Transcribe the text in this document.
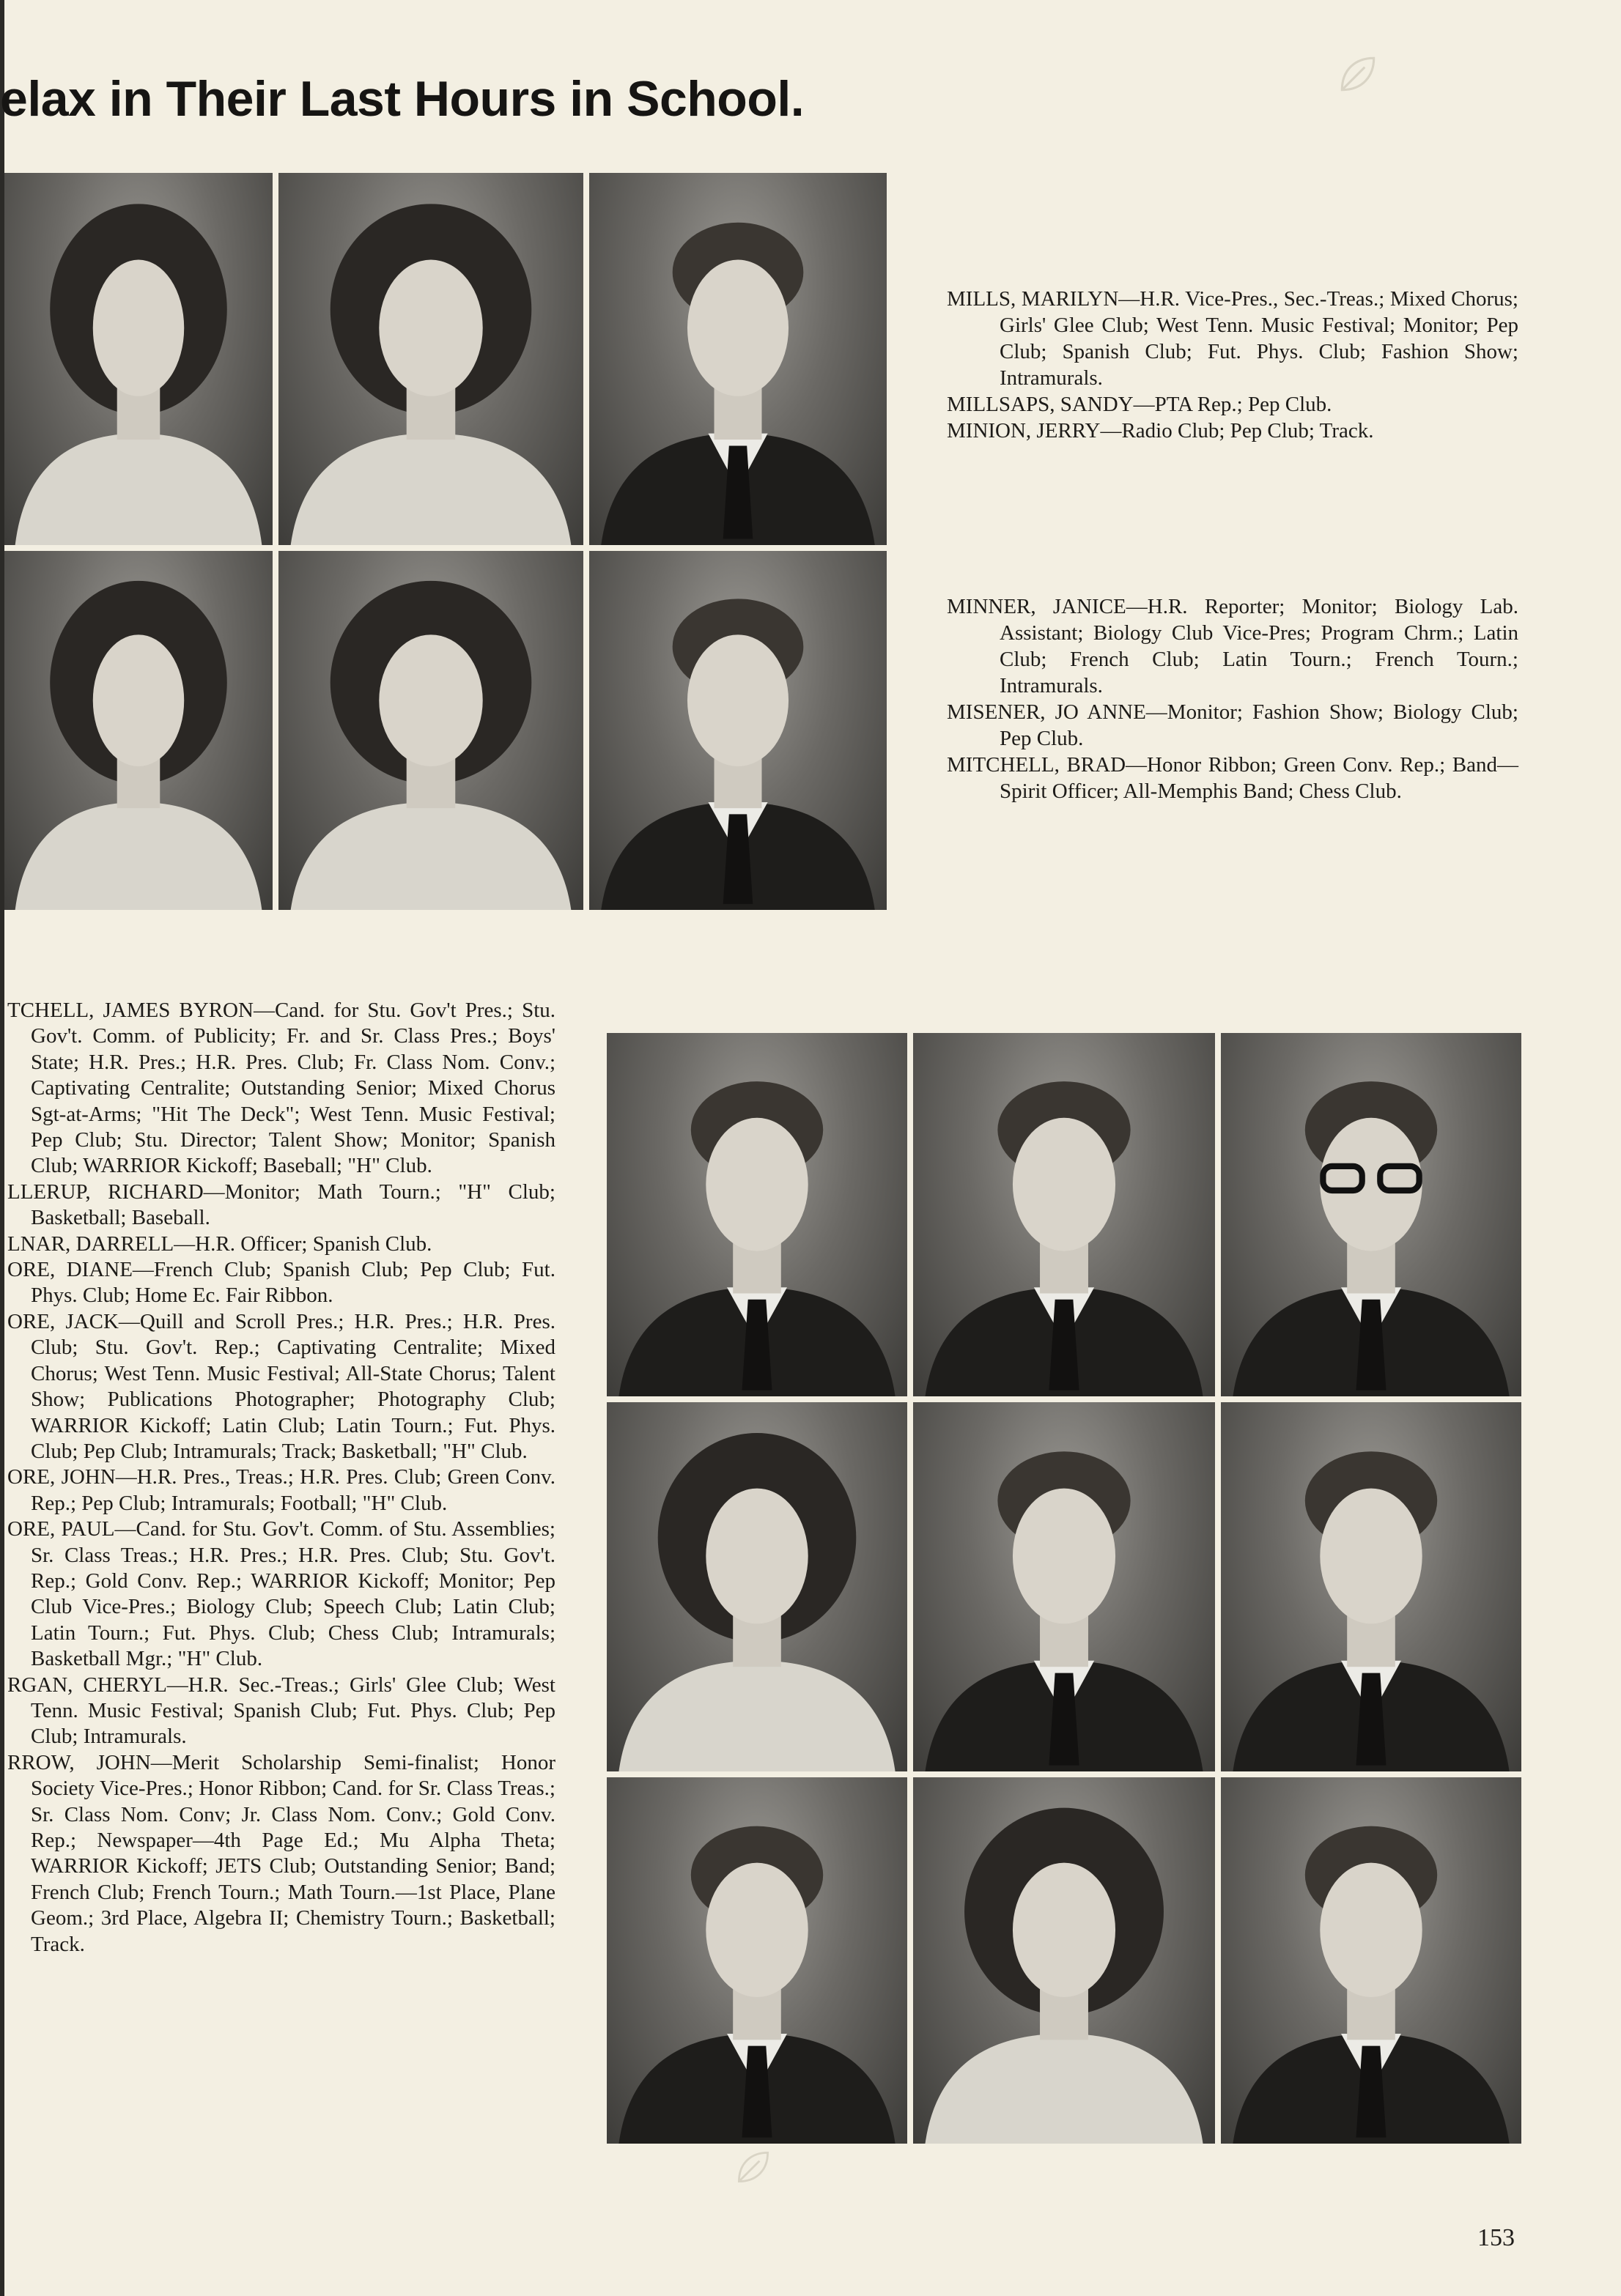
elax in Their Last Hours in School.

MILLS, MARILYN—H.R. Vice-Pres., Sec.-Treas.; Mixed Chorus; Girls' Glee Club; West Tenn. Music Festival; Monitor; Pep Club; Spanish Club; Fut. Phys. Club; Fashion Show; Intramurals.

MILLSAPS, SANDY—PTA Rep.; Pep Club.

MINION, JERRY—Radio Club; Pep Club; Track.

MINNER, JANICE—H.R. Reporter; Monitor; Biology Lab. Assistant; Biology Club Vice-Pres; Program Chrm.; Latin Club; French Club; Latin Tourn.; French Tourn.; Intramurals.

MISENER, JO ANNE—Monitor; Fashion Show; Biology Club; Pep Club.

MITCHELL, BRAD—Honor Ribbon; Green Conv. Rep.; Band—Spirit Officer; All-Memphis Band; Chess Club.

TCHELL, JAMES BYRON—Cand. for Stu. Gov't Pres.; Stu. Gov't. Comm. of Publicity; Fr. and Sr. Class Pres.; Boys' State; H.R. Pres.; H.R. Pres. Club; Fr. Class Nom. Conv.; Captivating Centralite; Outstanding Senior; Mixed Chorus Sgt-at-Arms; "Hit The Deck"; West Tenn. Music Festival; Pep Club; Stu. Director; Talent Show; Monitor; Spanish Club; WARRIOR Kickoff; Baseball; "H" Club.

LLERUP, RICHARD—Monitor; Math Tourn.; "H" Club; Basketball; Baseball.

LNAR, DARRELL—H.R. Officer; Spanish Club.

ORE, DIANE—French Club; Spanish Club; Pep Club; Fut. Phys. Club; Home Ec. Fair Ribbon.

ORE, JACK—Quill and Scroll Pres.; H.R. Pres.; H.R. Pres. Club; Stu. Gov't. Rep.; Captivating Centralite; Mixed Chorus; West Tenn. Music Festival; All-State Chorus; Talent Show; Publications Photographer; Photography Club; WARRIOR Kickoff; Latin Club; Latin Tourn.; Fut. Phys. Club; Pep Club; Intramurals; Track; Basketball; "H" Club.

ORE, JOHN—H.R. Pres., Treas.; H.R. Pres. Club; Green Conv. Rep.; Pep Club; Intramurals; Football; "H" Club.

ORE, PAUL—Cand. for Stu. Gov't. Comm. of Stu. Assemblies; Sr. Class Treas.; H.R. Pres.; H.R. Pres. Club; Stu. Gov't. Rep.; Gold Conv. Rep.; WARRIOR Kickoff; Monitor; Pep Club Vice-Pres.; Biology Club; Speech Club; Latin Club; Latin Tourn.; Fut. Phys. Club; Chess Club; Intramurals; Basketball Mgr.; "H" Club.

RGAN, CHERYL—H.R. Sec.-Treas.; Girls' Glee Club; West Tenn. Music Festival; Spanish Club; Fut. Phys. Club; Pep Club; Intramurals.

RROW, JOHN—Merit Scholarship Semi-finalist; Honor Society Vice-Pres.; Honor Ribbon; Cand. for Sr. Class Treas.; Sr. Class Nom. Conv; Jr. Class Nom. Conv.; Gold Conv. Rep.; Newspaper—4th Page Ed.; Mu Alpha Theta; WARRIOR Kickoff; JETS Club; Outstanding Senior; Band; French Club; French Tourn.; Math Tourn.—1st Place, Plane Geom.; 3rd Place, Algebra II; Chemistry Tourn.; Basketball; Track.

153
